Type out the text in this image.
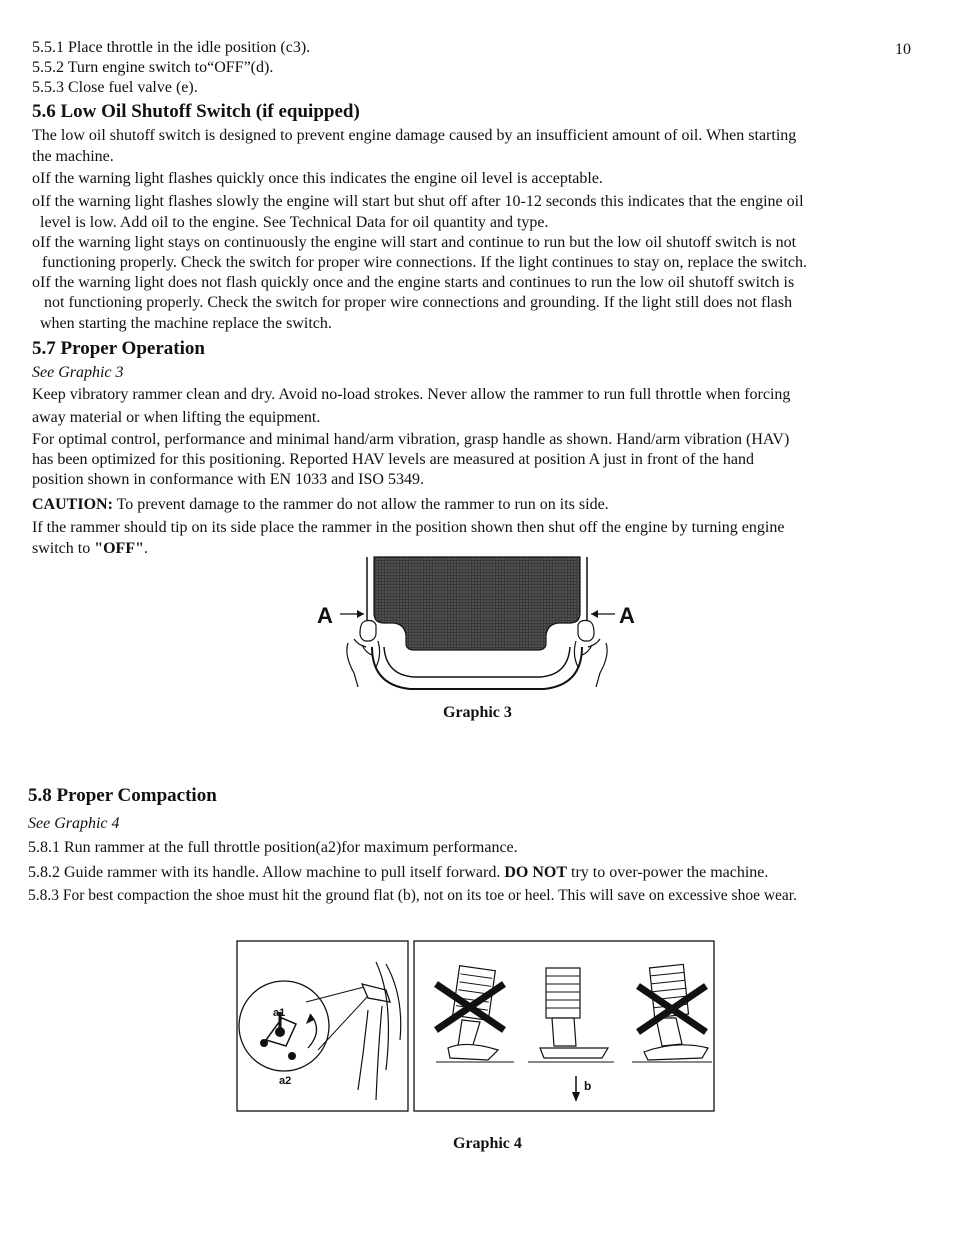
10
5.5.1 Place throttle in the idle position (c3).
5.5.2 Turn engine switch to“OFF”(d).
5.5.3 Close fuel valve (e).
5.6 Low Oil Shutoff Switch (if equipped)
The low oil shutoff switch is designed to prevent engine damage caused by an insufficient amount of oil. When starting
the machine.
oIf the warning light flashes quickly once this indicates the engine oil level is acceptable.
oIf the warning light flashes slowly the engine will start but shut off after 10-12 seconds this indicates that the engine oil
level is low. Add oil to the engine. See Technical Data for oil quantity and type.
oIf the warning light stays on continuously the engine will start and continue to run but the low oil shutoff switch is not
functioning properly. Check the switch for proper wire connections. If the light continues to stay on, replace the switch.
oIf the warning light does not flash quickly once and the engine starts and continues to run the low oil shutoff switch is
not functioning properly. Check the switch for proper wire connections and grounding. If the light still does not flash
when starting the machine replace the switch.
5.7 Proper Operation
See Graphic 3
Keep vibratory rammer clean and dry. Avoid no-load strokes. Never allow the rammer to run full throttle when forcing
away material or when lifting the equipment.
For optimal control, performance and minimal hand/arm vibration, grasp handle as shown. Hand/arm vibration (HAV)
has been optimized for this positioning. Reported HAV levels are measured at position A just in front of the hand
position shown in conformance with EN 1033 and ISO 5349.
CAUTION: To prevent damage to the rammer do not allow the rammer to run on its side.
If the rammer should tip on its side place the rammer in the position shown then shut off the engine by turning engine
switch to "OFF".
A	A
Graphic 3
5.8 Proper Compaction
See Graphic 4
5.8.1 Run rammer at the full throttle position(a2)for maximum performance.
5.8.2 Guide rammer with its handle. Allow machine to pull itself forward. DO NOT try to over-power the machine.
5.8.3 For best compaction the shoe must hit the ground flat (b), not on its toe or heel. This will save on excessive shoe wear.
a1
a2	b
Graphic 4
